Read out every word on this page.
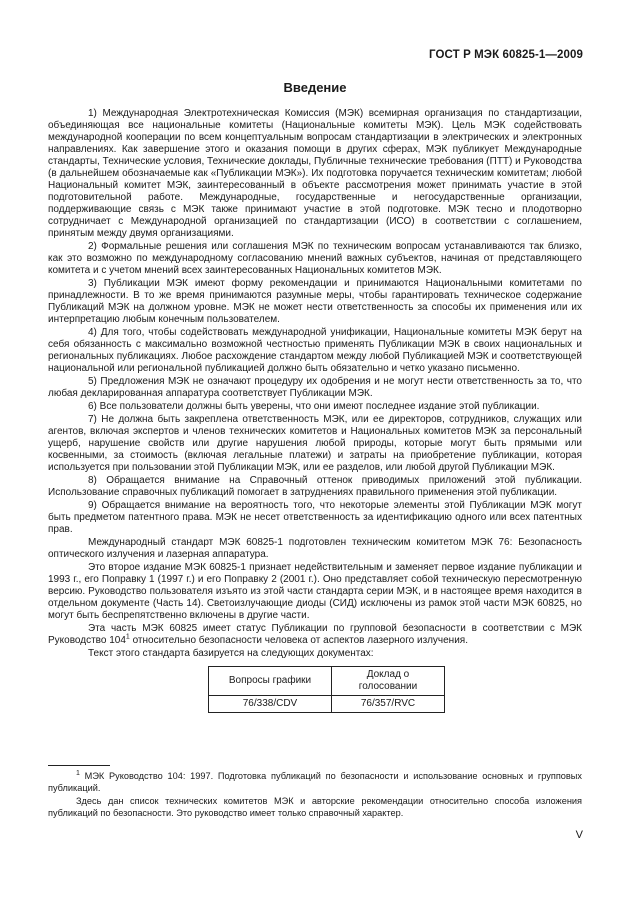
ГОСТ Р МЭК 60825-1—2009
Введение

1) Международная Электротехническая Комиссия (МЭК) всемирная организация по стандартизации, объединяющая все национальные комитеты (Национальные комитеты МЭК). Цель МЭК содействовать международной кооперации по всем концептуальным вопросам стандартизации в электрических и электронных направлениях. Как завершение этого и оказания помощи в других сферах, МЭК публикует Международные стандарты, Технические условия, Технические доклады, Публичные технические требования (ПТТ) и Руководства (в дальнейшем обозначаемые как «Публикации МЭК»). Их подготовка поручается техническим комитетам; любой Национальный комитет МЭК, заинтересованный в объекте рассмотрения может принимать участие в этой подготовительной работе. Международные, государственные и негосударственные организации, поддерживающие связь с МЭК также принимают участие в этой подготовке. МЭК тесно и плодотворно сотрудничает с Международной организацией по стандартизации (ИСО) в соответствии с соглашением, принятым между двумя организациями.

2) Формальные решения или соглашения МЭК по техническим вопросам устанавливаются так близко, как это возможно по международному согласованию мнений важных субъектов, начиная от представляющего комитета и с учетом мнений всех заинтересованных Национальных комитетов МЭК.

3) Публикации МЭК имеют форму рекомендации и принимаются Национальными комитетами по принадлежности. В то же время принимаются разумные меры, чтобы гарантировать техническое содержание Публикаций МЭК на должном уровне. МЭК не может нести ответственность за способы их применения или их интерпретацию любым конечным пользователем.

4) Для того, чтобы содействовать международной унификации, Национальные комитеты МЭК берут на себя обязанность с максимально возможной честностью применять Публикации МЭК в своих национальных и региональных публикациях. Любое расхождение стандартом между любой Публикацией МЭК и соответствующей национальной или региональной публикацией должно быть обязательно и четко указано письменно.

5) Предложения МЭК не означают процедуру их одобрения и не могут нести ответственность за то, что любая декларированная аппаратура соответствует Публикации МЭК.

6) Все пользователи должны быть уверены, что они имеют последнее издание этой публикации.

7) Не должна быть закреплена ответственность МЭК, или ее директоров, сотрудников, служащих или агентов, включая экспертов и членов технических комитетов и Национальных комитетов МЭК за персональный ущерб, нарушение свойств или другие нарушения любой природы, которые могут быть прямыми или косвенными, за стоимость (включая легальные платежи) и затраты на приобретение публикации, которая используется при пользовании этой Публикации МЭК, или ее разделов, или любой другой Публикации МЭК.

8) Обращается внимание на Справочный оттенок приводимых приложений этой публикации. Использование справочных публикаций помогает в затруднениях правильного применения этой публикации.

9) Обращается внимание на вероятность того, что некоторые элементы этой Публикации МЭК могут быть предметом патентного права. МЭК не несет ответственность за идентификацию одного или всех патентных прав.

Международный стандарт МЭК 60825-1 подготовлен техническим комитетом МЭК 76: Безопасность оптического излучения и лазерная аппаратура.

Это второе издание МЭК 60825-1 признает недействительным и заменяет первое издание публикации и 1993 г., его Поправку 1 (1997 г.) и его Поправку 2 (2001 г.). Оно представляет собой техническую пересмотренную версию. Руководство пользователя изъято из этой части стандарта серии МЭК, и в настоящее время находится в отдельном документе (Часть 14). Светоизлучающие диоды (СИД) исключены из рамок этой части МЭК 60825, но могут быть беспрепятственно включены в другие части.

Эта часть МЭК 60825 имеет статус Публикации по групповой безопасности в соответствии с МЭК Руководство $104^1$ относительно безопасности человека от аспектов лазерного излучения.

Текст этого стандарта базируется на следующих документах:

Вопросы графики	Доклад о голосовании
76/338/CDV	76/357/RVC

$^1$ МЭК Руководство 104: 1997. Подготовка публикаций по безопасности и использование основных и групповых публикаций.

Здесь дан список технических комитетов МЭК и авторские рекомендации относительно способа изложения публикаций по безопасности. Это руководство имеет только справочный характер.

V
